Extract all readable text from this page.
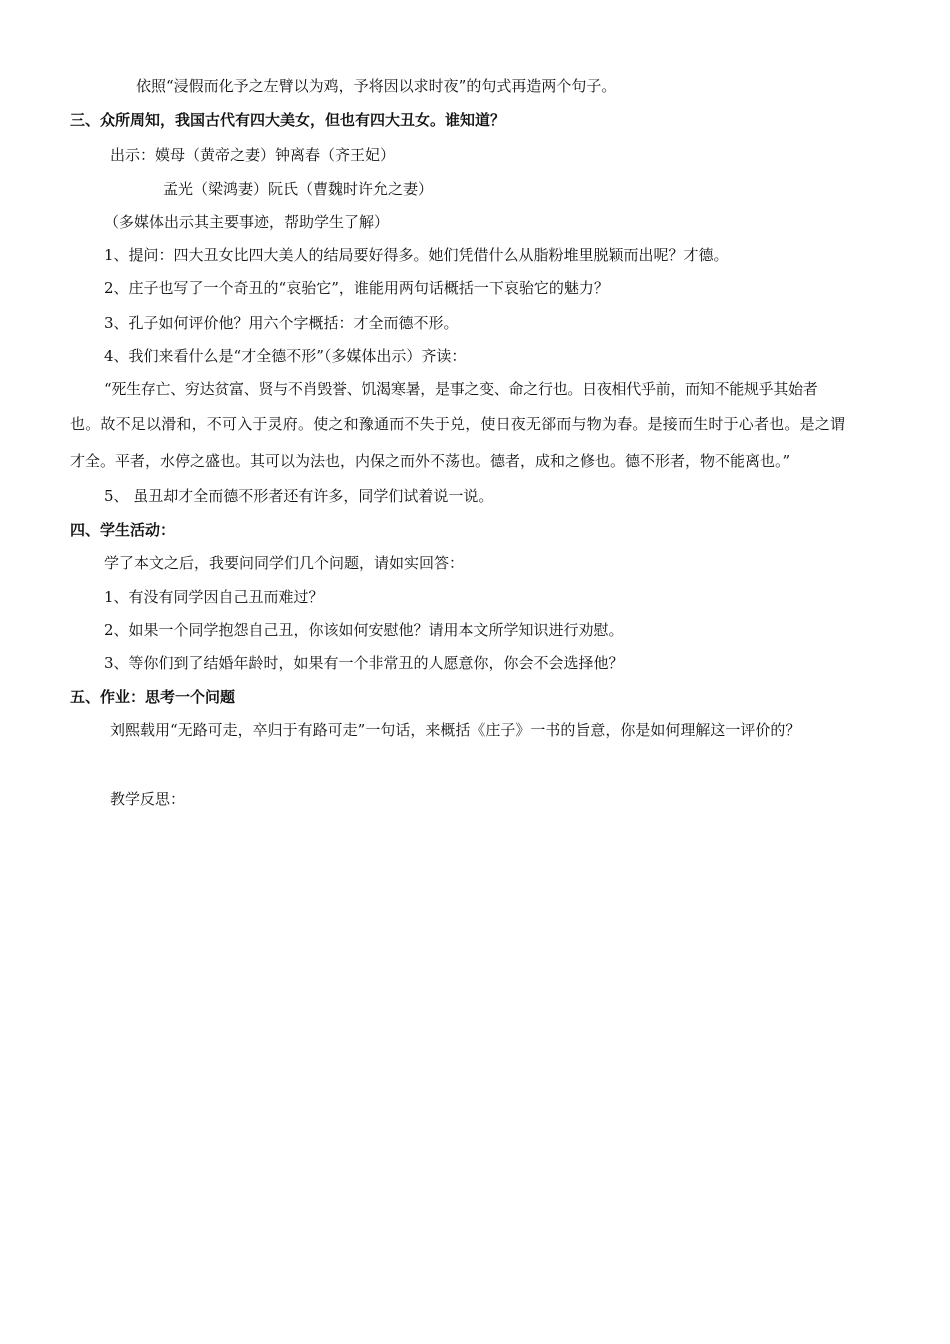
依照“浸假而化予之左臂以为鸡，予将因以求时夜”的句式再造两个句子。
三、众所周知，我国古代有四大美女，但也有四大丑女。谁知道？
出示：嫫母（黄帝之妻）钟离春（齐王妃）
孟光（梁鸿妻）阮氏（曹魏时许允之妻）
（多媒体出示其主要事迹，帮助学生了解）
1、提问：四大丑女比四大美人的结局要好得多。她们凭借什么从脂粉堆里脱颖而出呢？才德。
2、庄子也写了一个奇丑的“哀骀它”，谁能用两句话概括一下哀骀它的魅力？
3、孔子如何评价他？用六个字概括：才全而德不形。
4、我们来看什么是“才全德不形”（多媒体出示）齐读：
“死生存亡、穷达贫富、贤与不肖毁誉、饥渴寒暑，是事之变、命之行也。日夜相代乎前，而知不能规乎其始者
也。故不足以滑和，不可入于灵府。使之和豫通而不失于兑，使日夜无郤而与物为春。是接而生时于心者也。是之谓
才全。平者，水停之盛也。其可以为法也，内保之而外不荡也。德者，成和之修也。德不形者，物不能离也。”
5、 虽丑却才全而德不形者还有许多，同学们试着说一说。
四、学生活动：
学了本文之后，我要问同学们几个问题，请如实回答：
1、有没有同学因自己丑而难过？
2、如果一个同学抱怨自己丑，你该如何安慰他？请用本文所学知识进行劝慰。
3、等你们到了结婚年龄时，如果有一个非常丑的人愿意你，你会不会选择他？
五、作业：思考一个问题
刘熙载用“无路可走，卒归于有路可走”一句话，来概括《庄子》一书的旨意，你是如何理解这一评价的？
教学反思：
